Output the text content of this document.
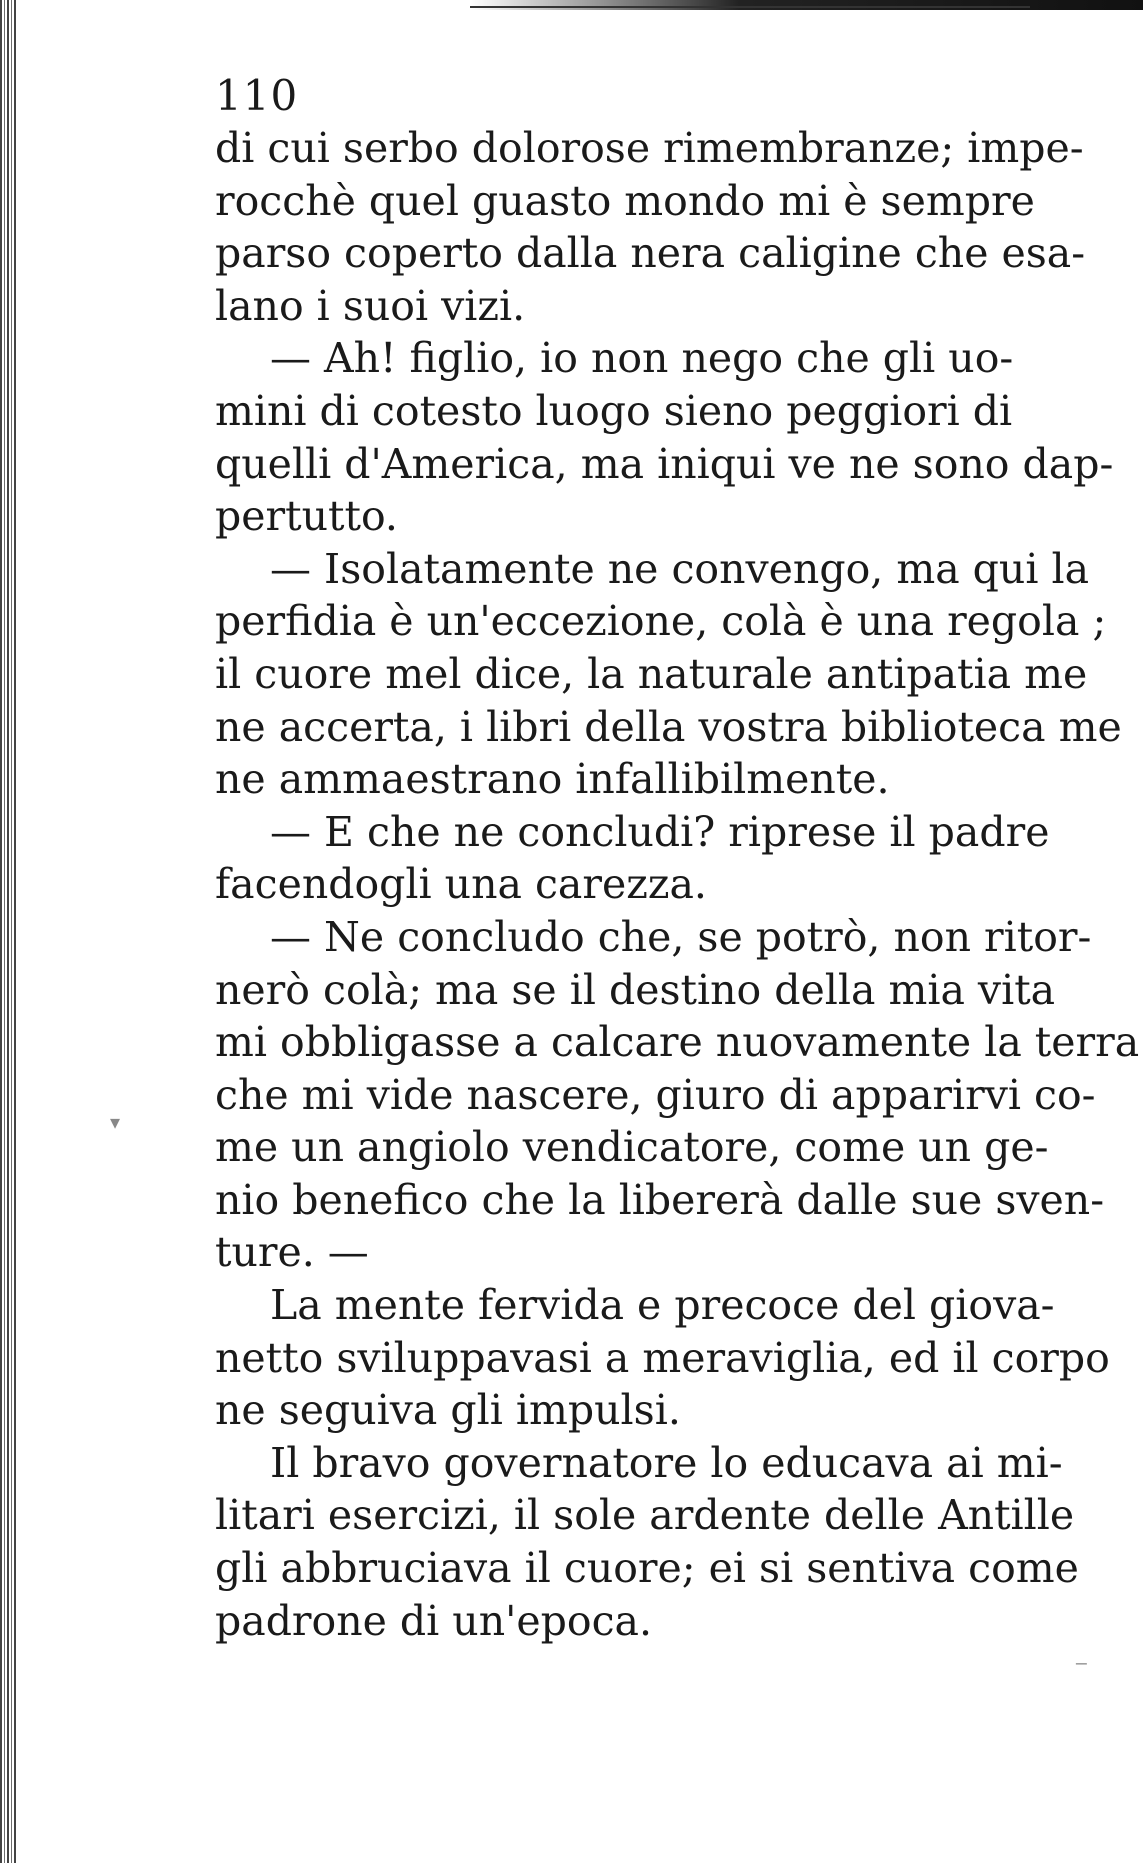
110

di cui serbo dolorose rimembranze; impe-
rocchè quel guasto mondo mi è sempre
parso coperto dalla nera caligine che esa-
lano i suoi vizi.

— Ah! figlio, io non nego che gli uo-
mini di cotesto luogo sieno peggiori di
quelli d'America, ma iniqui ve ne sono dap-
pertutto.

— Isolatamente ne convengo, ma qui la
perfidia è un'eccezione, colà è una regola ;
il cuore mel dice, la naturale antipatia me
ne accerta, i libri della vostra biblioteca me
ne ammaestrano infallibilmente.

— E che ne concludi? riprese il padre
facendogli una carezza.

— Ne concludo che, se potrò, non ritor-
nerò colà; ma se il destino della mia vita
mi obbligasse a calcare nuovamente la terra
che mi vide nascere, giuro di apparirvi co-
me un angiolo vendicatore, come un ge-
nio benefico che la libererà dalle sue sven-
ture. —

La mente fervida e precoce del giova-
netto sviluppavasi a meraviglia, ed il corpo
ne seguiva gli impulsi.

Il bravo governatore lo educava ai mi-
litari esercizi, il sole ardente delle Antille
gli abbruciava il cuore; ei si sentiva come
padrone di un'epoca.

▾
‒
